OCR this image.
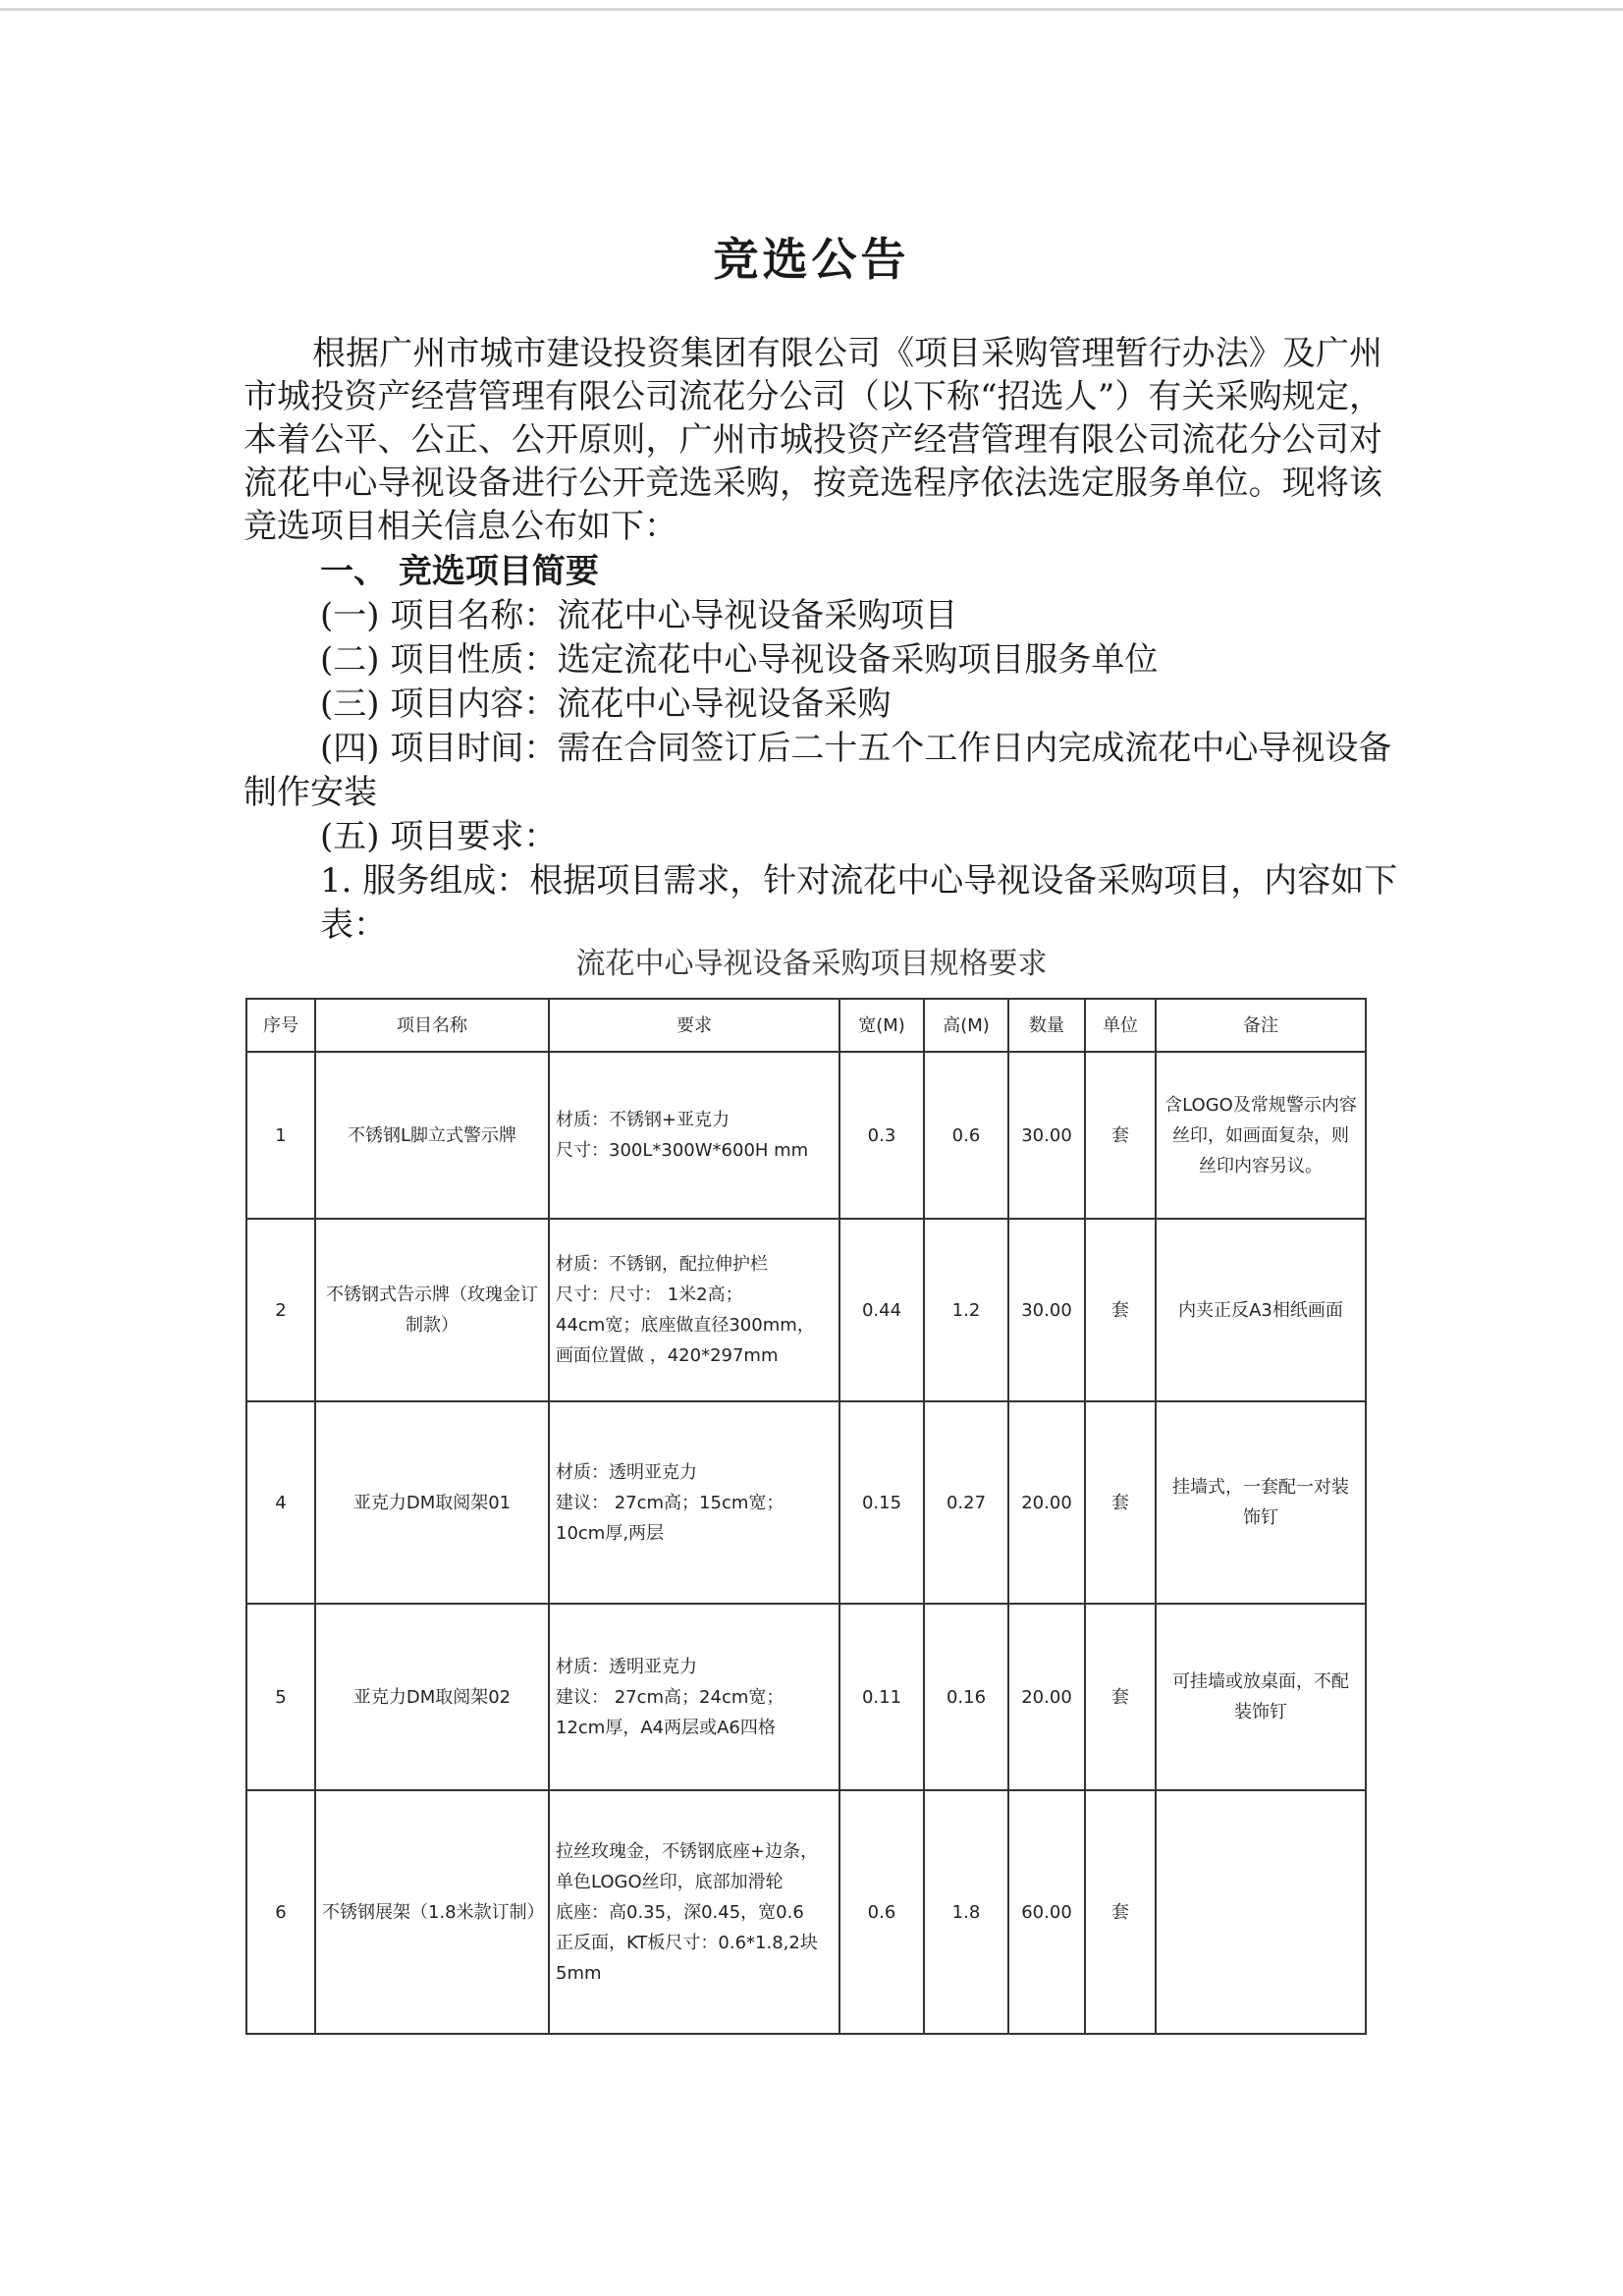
竞选公告
根据广州市城市建设投资集团有限公司《项目采购管理暂行办法》及广州市城投资产经营管理有限公司流花分公司（以下称“招选人”）有关采购规定，本着公平、公正、公开原则，广州市城投资产经营管理有限公司流花分公司对流花中心导视设备进行公开竞选采购，按竞选程序依法选定服务单位。现将该竞选项目相关信息公布如下：
一、 竞选项目简要
(一) 项目名称：流花中心导视设备采购项目
(二) 项目性质：选定流花中心导视设备采购项目服务单位
(三) 项目内容：流花中心导视设备采购
(四) 项目时间：需在合同签订后二十五个工作日内完成流花中心导视设备
制作安装
(五) 项目要求：
1. 服务组成：根据项目需求，针对流花中心导视设备采购项目，内容如下
表：
流花中心导视设备采购项目规格要求
序号	项目名称	要求	宽(M)	高(M)	数量	单位	备注
1	不锈钢L脚立式警示牌	材质：不锈钢+亚克力
尺寸：300L*300W*600H mm	0.3	0.6	30.00	套	含LOGO及常规警示内容丝印，如画面复杂，则丝印内容另议。
2	不锈钢式告示牌（玫瑰金订制款）	材质：不锈钢，配拉伸护栏
尺寸：尺寸： 1米2高；
44cm宽；底座做直径300mm，
画面位置做 ，420*297mm	0.44	1.2	30.00	套	内夹正反A3相纸画面
4	亚克力DM取阅架01	材质：透明亚克力
建议： 27cm高；15cm宽；
10cm厚,两层	0.15	0.27	20.00	套	挂墙式，一套配一对装饰钉
5	亚克力DM取阅架02	材质：透明亚克力
建议： 27cm高；24cm宽；
12cm厚，A4两层或A6四格	0.11	0.16	20.00	套	可挂墙或放桌面，不配装饰钉
6	不锈钢展架（1.8米款订制）	拉丝玫瑰金，不锈钢底座+边条，
单色LOGO丝印，底部加滑轮
底座：高0.35，深0.45，宽0.6
正反面，KT板尺寸：0.6*1.8,2块
5mm	0.6	1.8	60.00	套	
